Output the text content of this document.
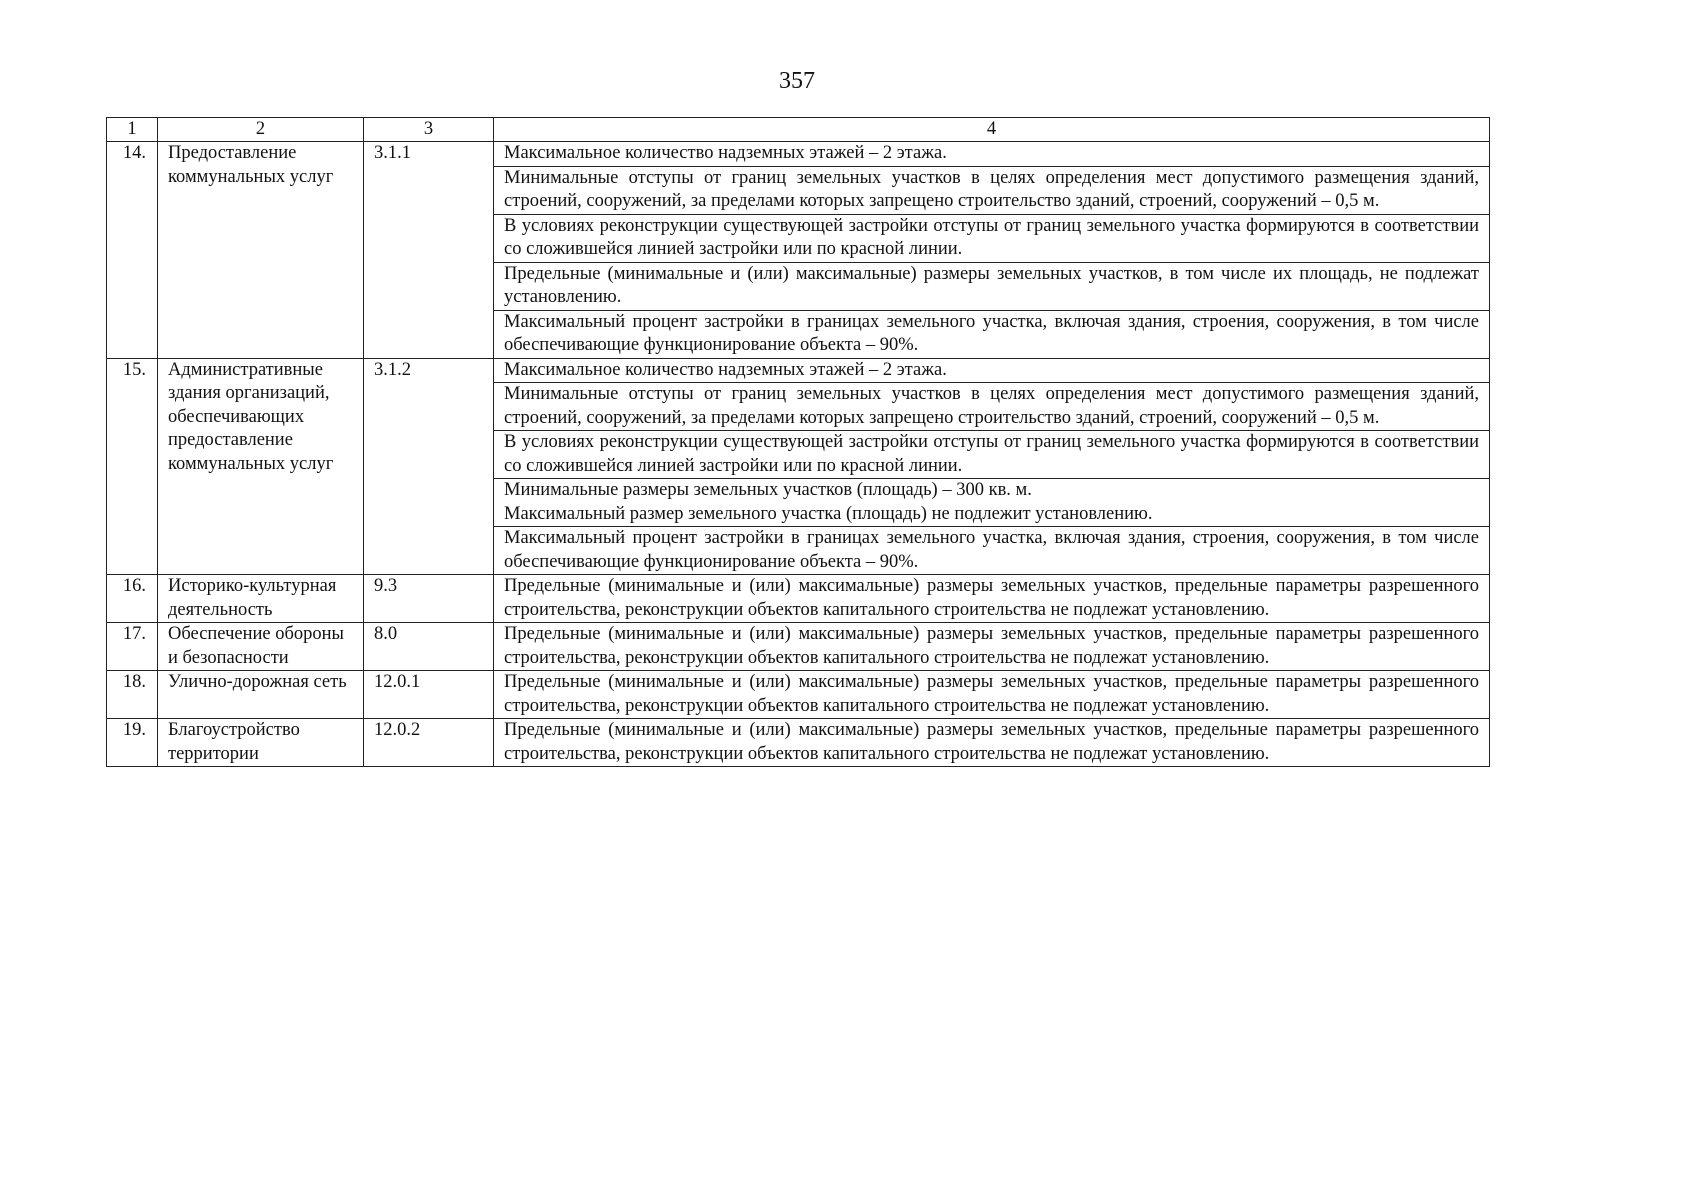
357
1	2	3	4
14.	Предоставление коммунальных услуг	3.1.1	Максимальное количество надземных этажей – 2 этажа.

			Минимальные отступы от границ земельных участков в целях определения мест допустимого размещения зданий, строений, сооружений, за пределами которых запрещено строительство зданий, строений, сооружений – 0,5 м.

			В условиях реконструкции существующей застройки отступы от границ земельного участка формируются в соответствии со сложившейся линией застройки или по красной линии.

			Предельные (минимальные и (или) максимальные) размеры земельных участков, в том числе их площадь, не подлежат установлению.

			Максимальный процент застройки в границах земельного участка, включая здания, строения, сооружения, в том числе обеспечивающие функционирование объекта – 90%.

15.	Административные здания организаций, обеспечивающих предоставление коммунальных услуг	3.1.2	Максимальное количество надземных этажей – 2 этажа.

			Минимальные отступы от границ земельных участков в целях определения мест допустимого размещения зданий, строений, сооружений, за пределами которых запрещено строительство зданий, строений, сооружений – 0,5 м.

			В условиях реконструкции существующей застройки отступы от границ земельного участка формируются в соответствии со сложившейся линией застройки или по красной линии.

			Минимальные размеры земельных участков (площадь) – 300 кв. м.
Максимальный размер земельного участка (площадь) не подлежит установлению.

			Максимальный процент застройки в границах земельного участка, включая здания, строения, сооружения, в том числе обеспечивающие функционирование объекта – 90%.

16.	Историко-культурная деятельность	9.3	Предельные (минимальные и (или) максимальные) размеры земельных участков, предельные параметры разрешенного строительства, реконструкции объектов капитального строительства не подлежат установлению.

17.	Обеспечение обороны и безопасности	8.0	Предельные (минимальные и (или) максимальные) размеры земельных участков, предельные параметры разрешенного строительства, реконструкции объектов капитального строительства не подлежат установлению.

18.	Улично-дорожная сеть	12.0.1	Предельные (минимальные и (или) максимальные) размеры земельных участков, предельные параметры разрешенного строительства, реконструкции объектов капитального строительства не подлежат установлению.

19.	Благоустройство территории	12.0.2	Предельные (минимальные и (или) максимальные) размеры земельных участков, предельные параметры разрешенного строительства, реконструкции объектов капитального строительства не подлежат установлению.
